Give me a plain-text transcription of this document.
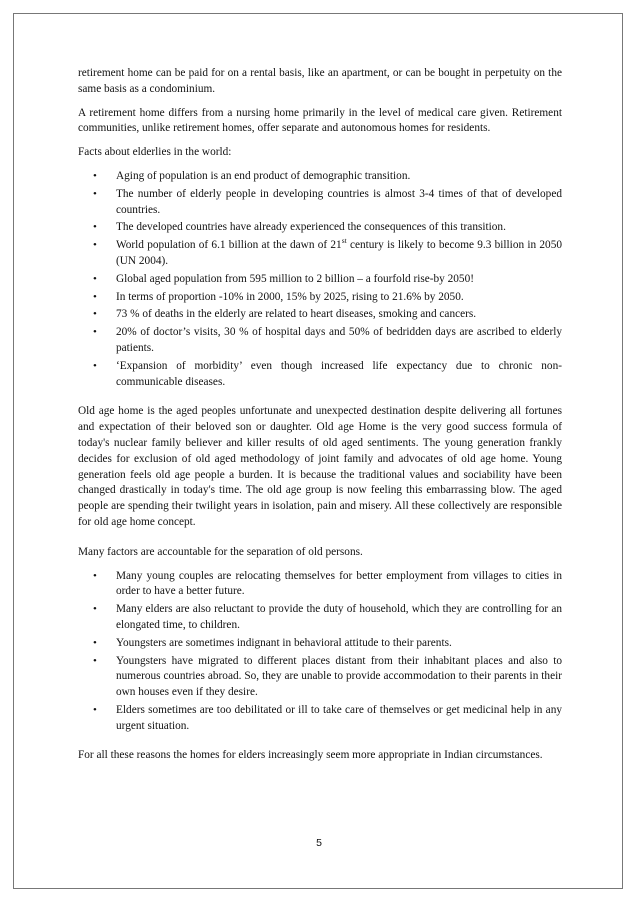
retirement home can be paid for on a rental basis, like an apartment, or can be bought in perpetuity on the same basis as a condominium.

A retirement home differs from a nursing home primarily in the level of medical care given. Retirement communities, unlike retirement homes, offer separate and autonomous homes for residents.

Facts about elderlies in the world:

• Aging of population is an end product of demographic transition.
• The number of elderly people in developing countries is almost 3-4 times of that of developed countries.
• The developed countries have already experienced the consequences of this transition.
• World population of 6.1 billion at the dawn of 21st century is likely to become 9.3 billion in 2050 (UN 2004).
• Global aged population from 595 million to 2 billion – a fourfold rise-by 2050!
• In terms of proportion -10% in 2000, 15% by 2025, rising to 21.6% by 2050.
• 73 % of deaths in the elderly are related to heart diseases, smoking and cancers.
• 20% of doctor’s visits, 30 % of hospital days and 50% of bedridden days are ascribed to elderly patients.
• ‘Expansion of morbidity’ even though increased life expectancy due to chronic non-communicable diseases.

Old age home is the aged peoples unfortunate and unexpected destination despite delivering all fortunes and expectation of their beloved son or daughter. Old age Home is the very good success formula of today's nuclear family believer and killer results of old aged sentiments. The young generation frankly decides for exclusion of old aged methodology of joint family and advocates of old age home. Young generation feels old age people a burden. It is because the traditional values and sociability have been changed drastically in today's time. The old age group is now feeling this embarrassing blow. The aged people are spending their twilight years in isolation, pain and misery. All these collectively are responsible for old age home concept.

Many factors are accountable for the separation of old persons.

• Many young couples are relocating themselves for better employment from villages to cities in order to have a better future.
• Many elders are also reluctant to provide the duty of household, which they are controlling for an elongated time, to children.
• Youngsters are sometimes indignant in behavioral attitude to their parents.
• Youngsters have migrated to different places distant from their inhabitant places and also to numerous countries abroad. So, they are unable to provide accommodation to their parents in their own houses even if they desire.
• Elders sometimes are too debilitated or ill to take care of themselves or get medicinal help in any urgent situation.

For all these reasons the homes for elders increasingly seem more appropriate in Indian circumstances.

5
